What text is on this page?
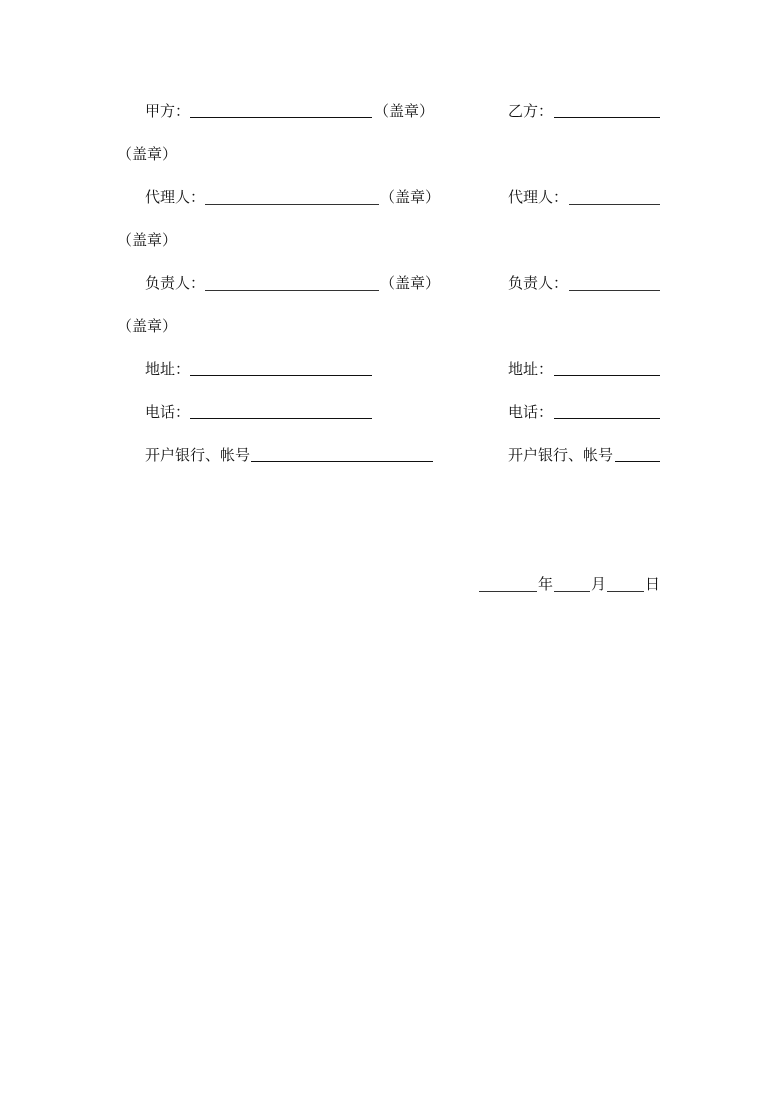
甲方：	（盖章）	乙方：
（盖章）
代理人：	（盖章）	代理人：
（盖章）
负责人：	（盖章）	负责人：
（盖章）
地址：	地址：
电话：	电话：
开户银行、帐号	开户银行、帐号
年	月	日
